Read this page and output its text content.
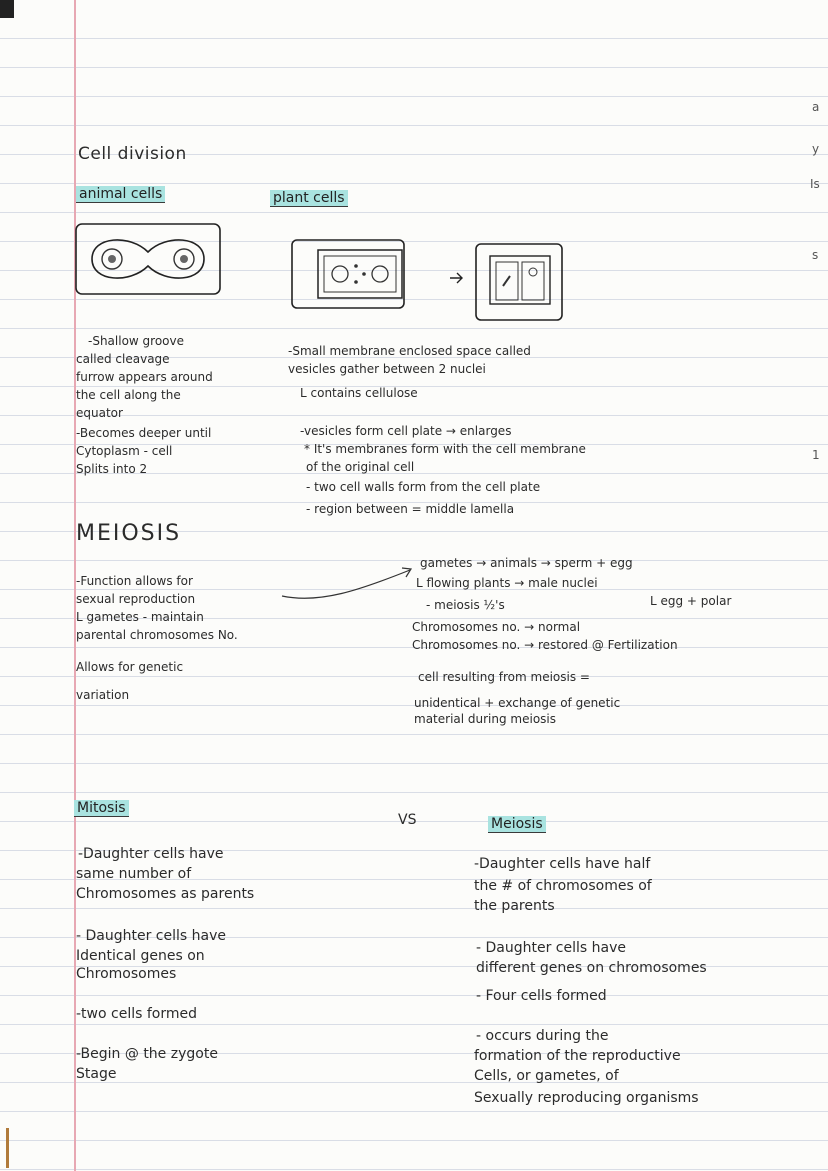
a
y
Is
s
1
Cell division
animal cells	plant cells
-Shallow groove
called cleavage
furrow appears around
the cell along the
equator
-Becomes deeper until
Cytoplasm - cell
Splits into 2
-Small membrane enclosed space called
vesicles gather between 2 nuclei
L contains cellulose
-vesicles form cell plate → enlarges
* It's membranes form with the cell membrane
of the original cell
- two cell walls form from the cell plate
- region between = middle lamella
MEIOSIS
-Function allows for
sexual reproduction
L gametes - maintain
parental chromosomes No.
Allows for genetic
variation
gametes → animals → sperm + egg
L flowing plants → male nuclei
L egg + polar
- meiosis ½'s
Chromosomes no. → normal
Chromosomes no. → restored @ Fertilization
cell resulting from meiosis =
unidentical + exchange of genetic
material during meiosis
Mitosis
VS	Meiosis
-Daughter cells have
same number of
Chromosomes as parents
- Daughter cells have
Identical genes on
Chromosomes
-two cells formed
-Begin @ the zygote
Stage
-Daughter cells have half
the # of chromosomes of
the parents
- Daughter cells have
different genes on chromosomes
- Four cells formed
- occurs during the
formation of the reproductive
Cells, or gametes, of
Sexually reproducing organisms
